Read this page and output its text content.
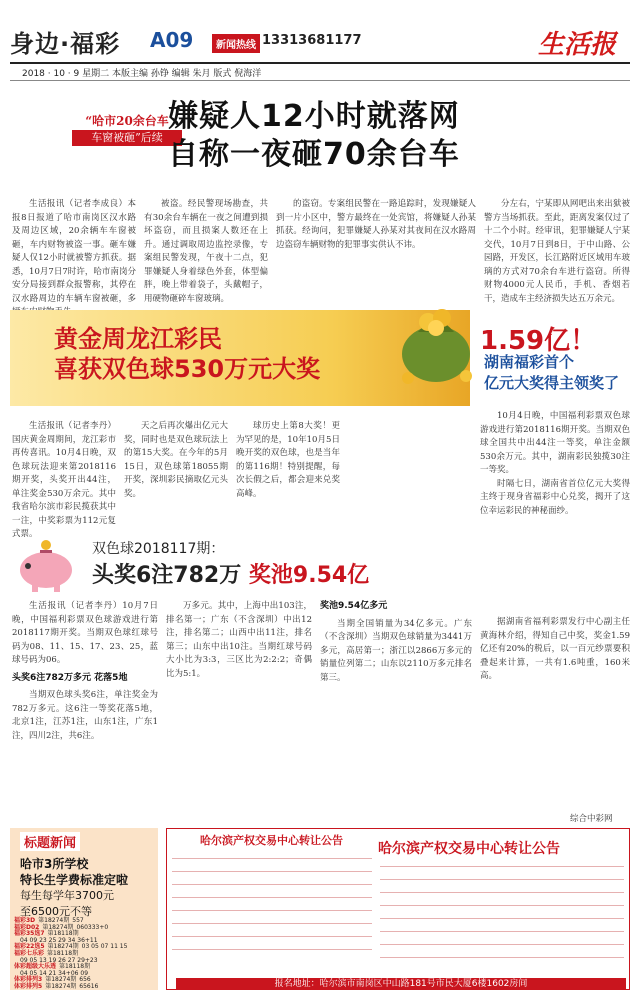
身边·福彩 A09	新闻热线 13313681177	生活报
2018 · 10 · 9 星期二 本版主编 孙铮 编辑 朱月 版式 倪海洋
“哈市20余台车
车窗被砸”后续
嫌疑人12小时就落网
自称一夜砸70余台车

生活报讯（记者李成良）本报8日报道了哈市南岗区汉水路及周边区域，20余辆车车窗被砸，车内财物被盗一事。砸车嫌疑人仅12小时就被警方抓获。据悉，10月7日7时许，哈市南岗分安分局接到群众报警称，其停在汉水路周边的车辆车窗被砸，多

被盗。经民警现场勘查，共有30余台车辆在一夜之间遭到损坏盗窃，而且损案人数还在上升。通过调取周边监控录像，专案组民警发现，午夜十二点，犯罪嫌疑人身着绿色外套，体型偏胖，晚上带着袋子，头戴帽子，用硬物砸碎车窗玻璃。

的盗窃。专案组民警在一路追踪时，发现嫌疑人到一片小区中，警方最终在一处宾馆，将嫌疑人孙某抓获。经询问，犯罪嫌疑人孙某对其夜间在汉水路周边盗窃车辆财物的犯罪事实供认不讳。

分左右，宁某即从网吧出来出狱被警方当场抓获。至此，距离发案仅过了十二个小时。经审讯，犯罪嫌疑人宁某交代，10月7日到8日，于中山路、公园路，开发区，长江路附近区域用车玻璃的方式对70余台车进行盗窃。所得财物4000元人民币，手机、香烟若干，造成车主经济损失达五万余元。

黄金周龙江彩民
喜获双色球530万元大奖
1.59亿！
湖南福彩首个
亿元大奖得主领奖了

生活报讯（记者李丹）国庆黄金周期间，龙江彩市再传喜讯。10月4日晚，双色球玩法迎来第2018116期开奖，头奖开出44注，单注奖金530万余元。其中我省哈尔滨市彩民揽获其中一注，中奖彩票为112元复式票。

天之后再次爆出亿元大奖，同时也是双色球玩法上的第15大奖。在今年的5月15日，双色球第18055期开奖，深圳彩民摘取亿元头奖。

球历史上第8大奖！更为罕见的是，10年10月5日晚开奖的双色球，也是当年的第116期！特别提醒，每次长假之后，都会迎来兑奖高峰。

10月4日晚，中国福利彩票双色球游戏进行第2018116期开奖。当期双色球全国共中出44注一等奖，单注金额530余万元。其中，湖南彩民独揽30注一等奖。

时隔七日，湖南省首位亿元大奖得主终于现身省福彩中心兑奖，揭开了这位幸运彩民的神秘面纱。

双色球2018117期：
头奖6注782万 奖池9.54亿

生活报讯（记者李丹）10月7日晚，中国福利彩票双色球游戏进行第2018117期开奖。当期双色球红球号码为08、11、15、17、23、25，蓝球号码为06。

头奖6注782万多元 花落5地

当期双色球头奖6注，单注奖金为782万多元。这6注一等奖花落5地，北京1注，江苏1注，山东1注，广东1注，四川2注，共6注。

万多元。其中，上海中出103注，排名第一；广东（不含深圳）中出12注，排名第二；山西中出11注，排名第三；山东中出10注。当期红球号码大小比为3:3，三区比为2:2:2；奇偶比为5:1。

奖池9.54亿多元

当期全国销量为34亿多元。广东（不含深圳）当期双色球销量为3441万多元，高居第一；浙江以2866万多元的销量位列第二；山东以2110万多元排名第三。

据湖南省福利彩票发行中心副主任黄海林介绍，得知自己中奖，奖金1.59亿还有20%的税后，以一百元纱票要积叠起来计算，一共有1.6吨重，160米高。

综合中彩网
标题新闻
哈市3所学校
特长生学费标准定啦
每生每学年3700元
至6500元不等
福彩3D 第18274期 557
福彩D02 第18274期 060333+0
福彩35选7 第18118期
04 09 23 25 29 34 36+11
福彩22选5 第18274期 03 05 07 11 15
福彩七乐彩 第18118期
09 05 13 19 26 27 29+23
体彩超级大乐透 第18118期
04 05 14 21 34+06 09
体彩排列3 第18274期 656
体彩排列5 第18274期 65616
哈尔滨产权交易中心转让公告
哈尔滨产权交易中心转让公告
报名地址：哈尔滨市南岗区中山路181号市民大厦6楼1602房间
